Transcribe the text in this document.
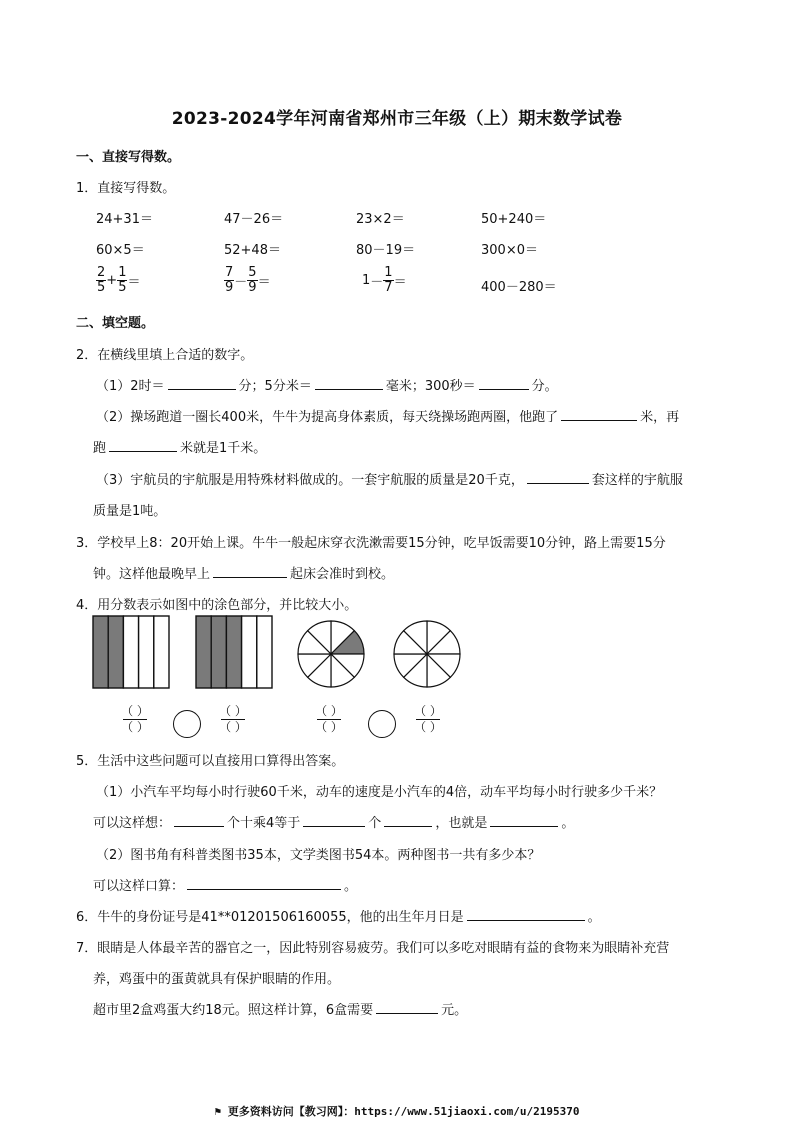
2023-2024学年河南省郑州市三年级（上）期末数学试卷
一、直接写得数。
1．直接写得数。
24+31＝	47－26＝	23×2＝	50+240＝
60×5＝	52+48＝	80－19＝	300×0＝
$\frac{2}{5} + \frac{1}{5}$ ＝	$\frac{7}{9} - \frac{5}{9}$ ＝	$1 - \frac{1}{7}$ ＝	400－280＝
二、填空题。
2．在横线里填上合适的数字。
（1）2时＝	分；5分米＝	毫米；300秒＝	分。
（2）操场跑道一圈长400米，牛牛为提高身体素质，每天绕操场跑两圈，他跑了	米，再
跑	米就是1千米。
（3）宇航员的宇航服是用特殊材料做成的。一套宇航服的质量是20千克，	套这样的宇航服
质量是1吨。
3．学校早上8：20开始上课。牛牛一般起床穿衣洗漱需要15分钟，吃早饭需要10分钟，路上需要15分
钟。这样他最晚早上	起床会准时到校。
4．用分数表示如图中的涂色部分，并比较大小。
（ ）
（ ）
（ ）
（ ）
（ ）
（ ）
（ ）
（ ）
5．生活中这些问题可以直接用口算得出答案。
（1）小汽车平均每小时行驶60千米，动车的速度是小汽车的4倍，动车平均每小时行驶多少千米？
可以这样想：	个十乘4等于	个	，也就是	。
（2）图书角有科普类图书35本，文学类图书54本。两种图书一共有多少本？
可以这样口算：	。
6．牛牛的身份证号是41**01201506160055，他的出生年月日是	。
7．眼睛是人体最辛苦的器官之一，因此特别容易疲劳。我们可以多吃对眼睛有益的食物来为眼睛补充营
养，鸡蛋中的蛋黄就具有保护眼睛的作用。
超市里2盒鸡蛋大约18元。照这样计算，6盒需要	元。
⚑ 更多资料访问【教习网】：https://www.51jiaoxi.com/u/2195370
